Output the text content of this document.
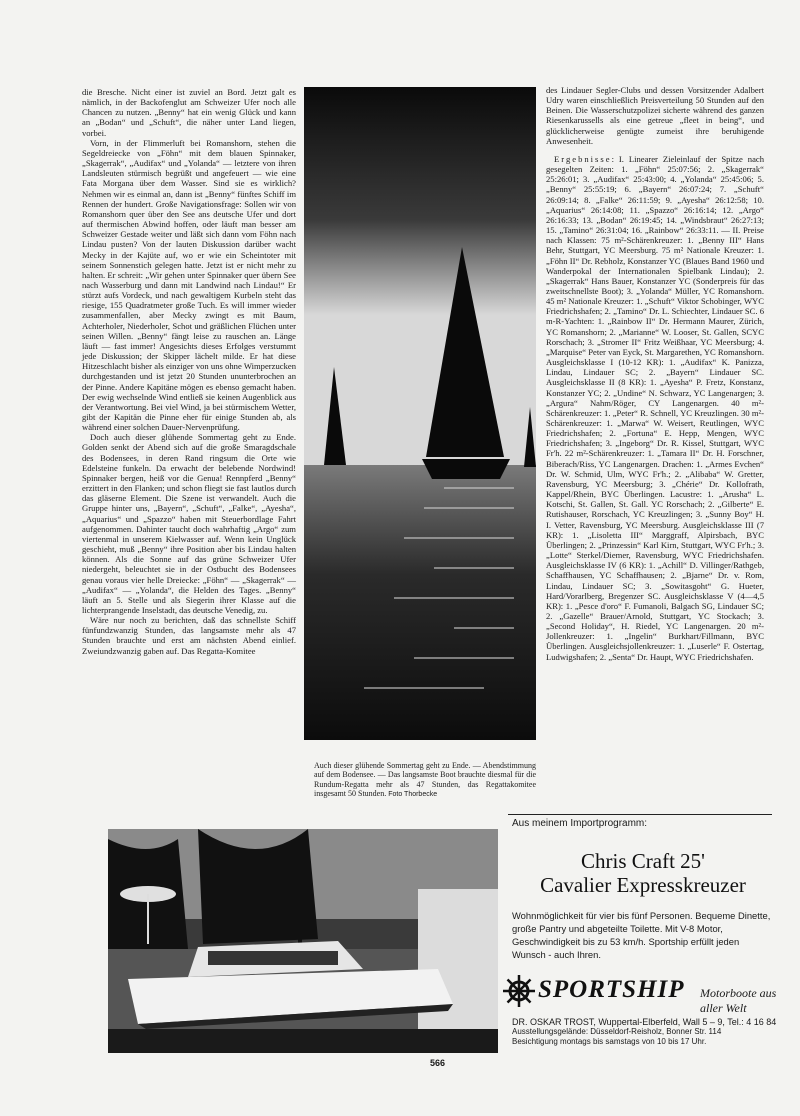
die Bresche. Nicht einer ist zuviel an Bord. Jetzt galt es nämlich, in der Backofenglut am Schweizer Ufer noch alle Chancen zu nutzen. „Benny“ hat ein wenig Glück und kann an „Bodan“ und „Schuft“, die näher unter Land liegen, vorbei.

Vorn, in der Flimmerluft bei Romanshorn, stehen die Segeldreiecke von „Föhn“ mit dem blauen Spinnaker, „Skagerrak“, „Audifax“ und „Yolanda“ — letztere von ihren Landsleuten stürmisch begrüßt und angefeuert — wie eine Fata Morgana über dem Wasser. Sind sie es wirklich? Nehmen wir es einmal an, dann ist „Benny“ fünftes Schiff im Rennen der hundert. Große Navigationsfrage: Sollen wir von Romanshorn quer über den See ans deutsche Ufer und dort auf thermischen Abwind hoffen, oder läuft man besser am Schweizer Gestade weiter und läßt sich dann vom Föhn nach Lindau pusten? Von der lauten Diskussion darüber wacht Mecky in der Kajüte auf, wo er wie ein Scheintoter mit seinem Sonnenstich gelegen hatte. Jetzt ist er nicht mehr zu halten. Er schreit: „Wir gehen unter Spinnaker quer übern See nach Wasserburg und dann mit Landwind nach Lindau!“ Er stürzt aufs Vordeck, und nach gewaltigem Kurbeln steht das riesige, 155 Quadratmeter große Tuch. Es will immer wieder zusammenfallen, aber Mecky zwingt es mit Baum, Achterholer, Niederholer, Schot und gräßlichen Flüchen unter seinen Willen. „Benny“ fängt leise zu rauschen an. Länge läuft — fast immer! Angesichts dieses Erfolges verstummt jede Diskussion; der Skipper lächelt milde. Er hat diese Hitzeschlacht bisher als einziger von uns ohne Wimperzucken durchgestanden und ist jetzt 20 Stunden ununterbrochen an der Pinne. Andere Kapitäne mögen es ebenso gemacht haben. Der ewig wechselnde Wind entließ sie keinen Augenblick aus der Verantwortung. Bei viel Wind, ja bei stürmischem Wetter, gibt der Kapitän die Pinne eher für einige Stunden ab, als während einer solchen Dauer-Nervenprüfung.

Doch auch dieser glühende Sommertag geht zu Ende. Golden senkt der Abend sich auf die große Smaragdschale des Bodensees, in deren Rand ringsum die Orte wie Edelsteine funkeln. Da erwacht der belebende Nordwind! Spinnaker bergen, heiß vor die Genua! Rennpferd „Benny“ erzittert in den Flanken; und schon fliegt sie fast lautlos durch das gläserne Element. Die Szene ist verwandelt. Auch die Gruppe hinter uns, „Bayern“, „Schuft“, „Falke“, „Ayesha“, „Aquarius“ und „Spazzo“ haben mit Steuerbordlage Fahrt aufgenommen. Dahinter taucht doch wahrhaftig „Argo“ zum viertenmal in unserem Kielwasser auf. Wenn kein Unglück geschieht, muß „Benny“ ihre Position aber bis Lindau halten können. Als die Sonne auf das grüne Schweizer Ufer niedergeht, beleuchtet sie in der Ostbucht des Bodensees genau voraus vier helle Dreiecke: „Föhn“ — „Skagerrak“ — „Audifax“ — „Yolanda“, die Helden des Tages. „Benny“ läuft an 5. Stelle und als Siegerin ihrer Klasse auf die lichterprangende Inselstadt, das deutsche Venedig, zu.

Wäre nur noch zu berichten, daß das schnellste Schiff fünfundzwanzig Stunden, das langsamste mehr als 47 Stunden brauchte und erst am nächsten Abend einlief. Zweiundzwanzig gaben auf. Das Regatta-Komitee

des Lindauer Segler-Clubs und dessen Vorsitzender Adalbert Udry waren einschließlich Preisverteilung 50 Stunden auf den Beinen. Die Wasserschutzpolizei sicherte während des ganzen Riesenkarussells als eine getreue „fleet in being“, und glücklicherweise genügte zumeist ihre beruhigende Anwesenheit.

Ergebnisse: I. Linearer Zieleinlauf der Spitze nach gesegelten Zeiten: 1. „Föhn“ 25:07:56; 2. „Skagerrak“ 25:26:01; 3. „Audifax“ 25:43:00; 4. „Yolanda“ 25:45:06; 5. „Benny“ 25:55:19; 6. „Bayern“ 26:07:24; 7. „Schuft“ 26:09:14; 8. „Falke“ 26:11:59; 9. „Ayesha“ 26:12:58; 10. „Aquarius“ 26:14:08; 11. „Spazzo“ 26:16:14; 12. „Argo“ 26:16:33; 13. „Bodan“ 26:19:45; 14. „Windsbraut“ 26:27:13; 15. „Tamino“ 26:31:04; 16. „Rainbow“ 26:33:11. — II. Preise nach Klassen: 75 m²-Schärenkreuzer: 1. „Benny III“ Hans Behr, Stuttgart, YC Meersburg. 75 m² Nationale Kreuzer: 1. „Föhn II“ Dr. Rebholz, Konstanzer YC (Blaues Band 1960 und Wanderpokal der Internationalen Spielbank Lindau); 2. „Skagerrak“ Hans Bauer, Konstanzer YC (Sonderpreis für das zweitschnellste Boot); 3. „Yolanda“ Müller, YC Romanshorn. 45 m² Nationale Kreuzer: 1. „Schuft“ Viktor Schobinger, WYC Friedrichshafen; 2. „Tamino“ Dr. L. Schiechter, Lindauer SC. 6 m-R-Yachten: 1. „Rainbow II“ Dr. Hermann Maurer, Zürich, YC Romanshorn; 2. „Marianne“ W. Looser, St. Gallen, SCYC Rorschach; 3. „Stromer II“ Fritz Weißhaar, YC Meersburg; 4. „Marquise“ Peter van Eyck, St. Margarethen, YC Romanshorn. Ausgleichsklasse I (10-12 KR): 1. „Audifax“ K. Panizza, Lindau, Lindauer SC; 2. „Bayern“ Lindauer SC. Ausgleichsklasse II (8 KR): 1. „Ayesha“ P. Fretz, Konstanz, Konstanzer YC; 2. „Undine“ N. Schwarz, YC Langenargen; 3. „Argura“ Nahm/Röger, CY Langenargen. 40 m²-Schärenkreuzer: 1. „Peter“ R. Schnell, YC Kreuzlingen. 30 m²-Schärenkreuzer: 1. „Marwa“ W. Weisert, Reutlingen, WYC Friedrichshafen; 2. „Fortuna“ E. Hepp, Mengen, WYC Friedrichshafen; 3. „Ingeborg“ Dr. R. Kissel, Stuttgart, WYC Fr'h. 22 m²-Schärenkreuzer: 1. „Tamara II“ Dr. H. Forschner, Biberach/Riss, YC Langenargen. Drachen: 1. „Armes Evchen“ Dr. W. Schmid, Ulm, WYC Fr'h.; 2. „Alibaba“ W. Gretter, Ravensburg, YC Meersburg; 3. „Chérie“ Dr. Kollofrath, Kappel/Rhein, BYC Überlingen. Lacustre: 1. „Arusha“ L. Kotschi, St. Gallen, St. Gall. YC Rorschach; 2. „Gilberte“ E. Rutishauser, Rorschach, YC Kreuzlingen; 3. „Sunny Boy“ H. I. Vetter, Ravensburg, YC Meersburg. Ausgleichsklasse III (7 KR): 1. „Lisoletta III“ Marggraff, Alpirsbach, BYC Überlingen; 2. „Prinzessin“ Karl Kirn, Stuttgart, WYC Fr'h.; 3. „Lotte“ Sterkel/Diemer, Ravensburg, WYC Friedrichshafen. Ausgleichsklasse IV (6 KR): 1. „Achill“ D. Villinger/Rathgeb, Schaffhausen, YC Schaffhausen; 2. „Bjarne“ Dr. v. Rom, Lindau, Lindauer SC; 3. „Sowitasgoht“ G. Hueter, Hard/Vorarlberg, Bregenzer SC. Ausgleichsklasse V (4—4,5 KR): 1. „Pesce d'oro“ F. Fumanoli, Balgach SG, Lindauer SC; 2. „Gazelle“ Brauer/Arnold, Stuttgart, YC Stockach; 3. „Second Holiday“, H. Riedel, YC Langenargen. 20 m²-Jollenkreuzer: 1. „Ingelin“ Burkhart/Fillmann, BYC Überlingen. Ausgleichsjollenkreuzer: 1. „Luserle“ F. Ostertag, Ludwigshafen; 2. „Senta“ Dr. Haupt, WYC Friedrichshafen.

Auch dieser glühende Sommertag geht zu Ende. — Abendstimmung auf dem Bodensee. — Das langsamste Boot brauchte diesmal für die Rundum-Regatta mehr als 47 Stunden, das Regattakomitee insgesamt 50 Stunden. Foto Thorbecke
Aus meinem Importprogramm:
Chris Craft 25'
Cavalier Expresskreuzer
Wohnmöglichkeit für vier bis fünf Personen. Bequeme Dinette, große Pantry und abgeteilte Toilette. Mit V-8 Motor, Geschwindigkeit bis zu 53 km/h. Sportship erfüllt jeden Wunsch - auch Ihren.
SPORTSHIP Motorboote aus aller Welt
DR. OSKAR TROST, Wuppertal-Elberfeld, Wall 5 – 9, Tel.: 4 16 84
Ausstellungsgelände: Düsseldorf-Reisholz, Bonner Str. 114
Besichtigung montags bis samstags von 10 bis 17 Uhr.
566
